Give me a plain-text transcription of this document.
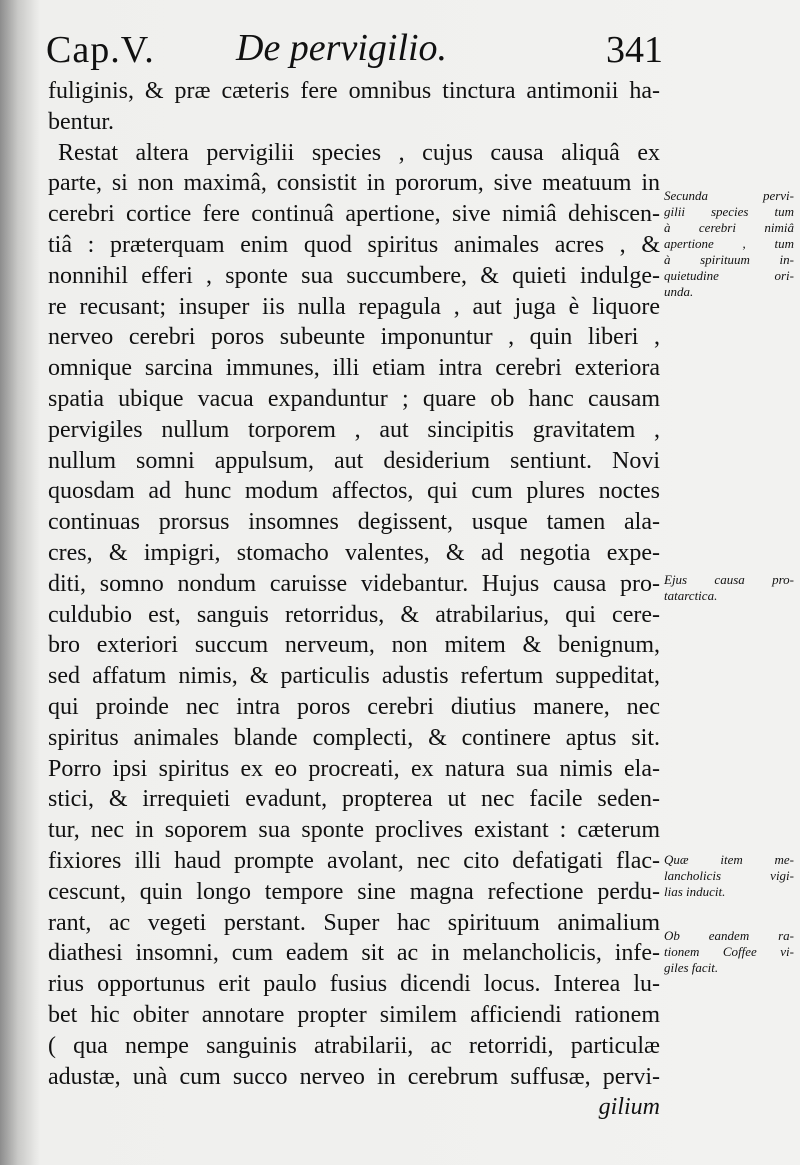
Cap.V. De pervigilio.	341
fuliginis, & præ cæteris fere omnibus tinctura antimonii ha-
bentur.
Restat altera pervigilii species , cujus causa aliquâ ex
parte, si non maximâ, consistit in pororum, sive meatuum in
cerebri cortice fere continuâ apertione, sive nimiâ dehiscen-
tiâ : præterquam enim quod spiritus animales acres , &
nonnihil efferi , sponte sua succumbere, & quieti indulge-
re recusant; insuper iis nulla repagula , aut juga è liquore
nerveo cerebri poros subeunte imponuntur , quin liberi ,
omnique sarcina immunes, illi etiam intra cerebri exteriora
spatia ubique vacua expanduntur ; quare ob hanc causam
pervigiles nullum torporem , aut sincipitis gravitatem ,
nullum somni appulsum, aut desiderium sentiunt. Novi
quosdam ad hunc modum affectos, qui cum plures noctes
continuas prorsus insomnes degissent, usque tamen ala-
cres, & impigri, stomacho valentes, & ad negotia expe-
diti, somno nondum caruisse videbantur. Hujus causa pro-
culdubio est, sanguis retorridus, & atrabilarius, qui cere-
bro exteriori succum nerveum, non mitem & benignum,
sed affatum nimis, & particulis adustis refertum suppeditat,
qui proinde nec intra poros cerebri diutius manere, nec
spiritus animales blande complecti, & continere aptus sit.
Porro ipsi spiritus ex eo procreati, ex natura sua nimis ela-
stici, & irrequieti evadunt, propterea ut nec facile seden-
tur, nec in soporem sua sponte proclives existant : cæterum
fixiores illi haud prompte avolant, nec cito defatigati flac-
cescunt, quin longo tempore sine magna refectione perdu-
rant, ac vegeti perstant. Super hac spirituum animalium
diathesi insomni, cum eadem sit ac in melancholicis, infe-
rius opportunus erit paulo fusius dicendi locus. Interea lu-
bet hic obiter annotare propter similem afficiendi rationem
( qua nempe sanguinis atrabilarii, ac retorridi, particulæ
adustæ, unà cum succo nerveo in cerebrum suffusæ, pervi-
gilium
Secunda pervi-
gilii species tum
à cerebri nimiâ
apertione , tum
à spirituum in-
quietudine ori-
unda.
Ejus causa pro-
tatarctica.
Quæ item me-
lancholicis vigi-
lias inducit.
Ob eandem ra-
tionem Coffee vi-
giles facit.
